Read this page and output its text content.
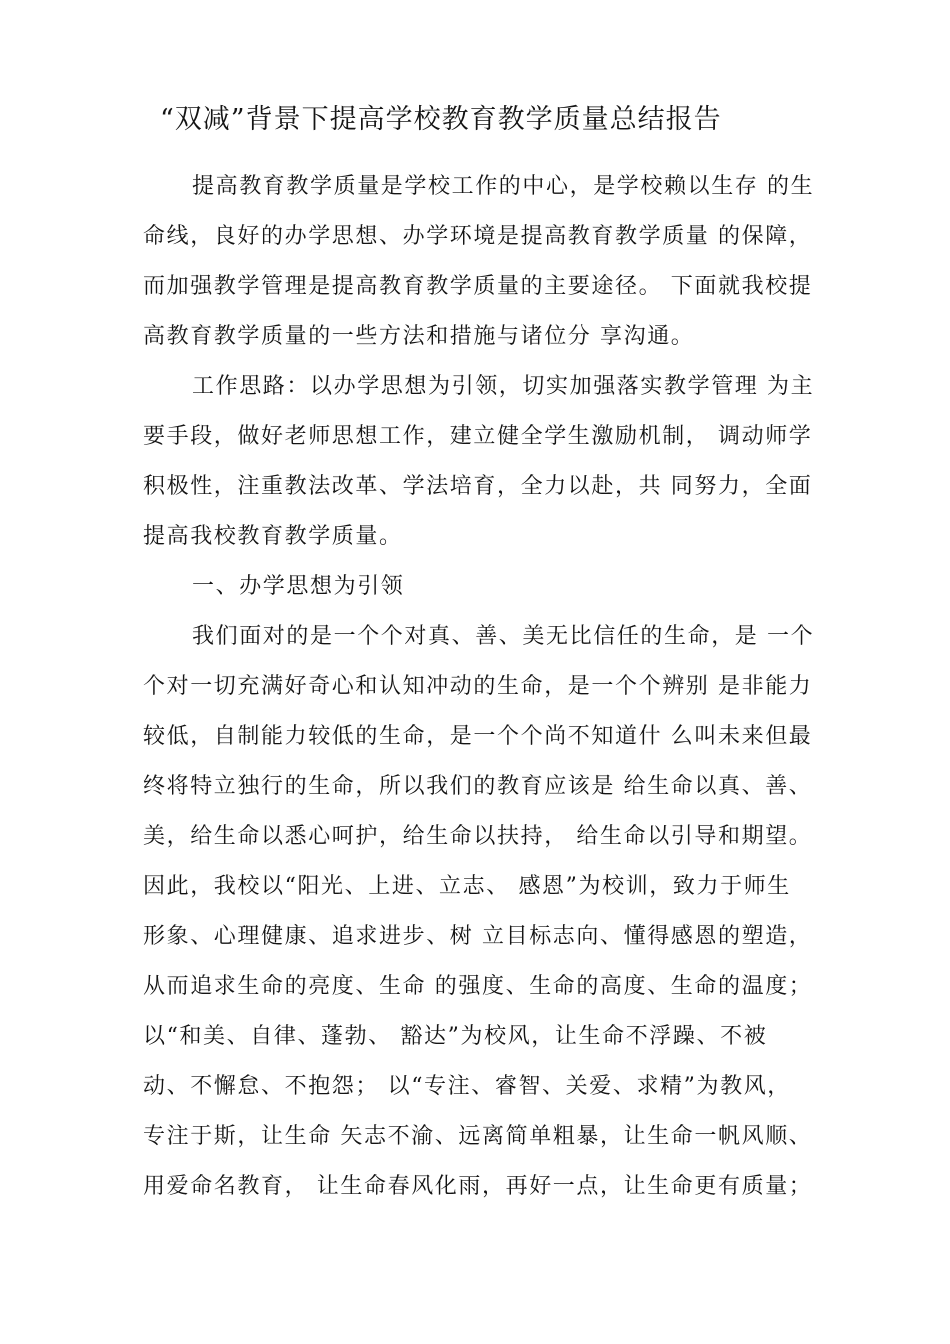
“双减”背景下提高学校教育教学质量总结报告
提高教育教学质量是学校工作的中心，是学校赖以生存 的生
命线，良好的办学思想、办学环境是提高教育教学质量 的保障，
而加强教学管理是提高教育教学质量的主要途径。 下面就我校提
高教育教学质量的一些方法和措施与诸位分 享沟通。
工作思路：以办学思想为引领，切实加强落实教学管理 为主
要手段，做好老师思想工作，建立健全学生激励机制， 调动师学
积极性，注重教法改革、学法培育，全力以赴，共 同努力，全面
提高我校教育教学质量。
一、办学思想为引领
我们面对的是一个个对真、善、美无比信任的生命，是 一个
个对一切充满好奇心和认知冲动的生命，是一个个辨别 是非能力
较低，自制能力较低的生命，是一个个尚不知道什 么叫未来但最
终将特立独行的生命，所以我们的教育应该是 给生命以真、善、
美，给生命以悉心呵护，给生命以扶持， 给生命以引导和期望。
因此，我校以“阳光、上进、立志、 感恩”为校训，致力于师生
形象、心理健康、追求进步、树 立目标志向、懂得感恩的塑造，
从而追求生命的亮度、生命 的强度、生命的高度、生命的温度；
以“和美、自律、蓬勃、 豁达”为校风，让生命不浮躁、不被
动、不懈怠、不抱怨； 以“专注、睿智、关爱、求精”为教风，
专注于斯，让生命 矢志不渝、远离简单粗暴，让生命一帆风顺、
用爱命名教育， 让生命春风化雨，再好一点，让生命更有质量；
